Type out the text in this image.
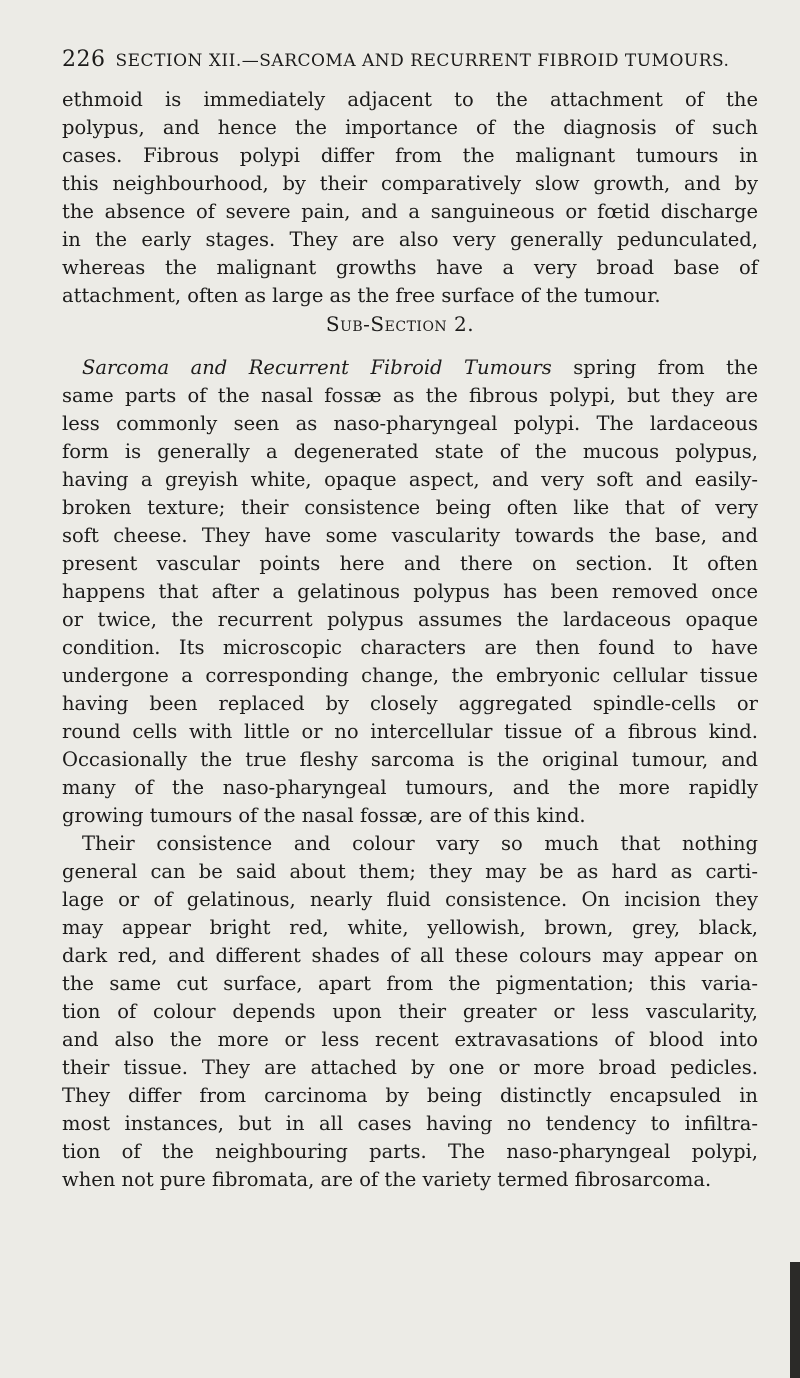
226 SECTION XII.—SARCOMA AND RECURRENT FIBROID TUMOURS.
ethmoid is immediately adjacent to the attachment of the
polypus, and hence the importance of the diagnosis of such
cases. Fibrous polypi differ from the malignant tumours in
this neighbourhood, by their comparatively slow growth, and by
the absence of severe pain, and a sanguineous or fœtid discharge
in the early stages. They are also very generally pedunculated,
whereas the malignant growths have a very broad base of
attachment, often as large as the free surface of the tumour.
Sub-Section 2.
Sarcoma and Recurrent Fibroid Tumours spring from the
same parts of the nasal fossæ as the fibrous polypi, but they are
less commonly seen as naso-pharyngeal polypi. The lardaceous
form is generally a degenerated state of the mucous polypus,
having a greyish white, opaque aspect, and very soft and easily-
broken texture; their consistence being often like that of very
soft cheese. They have some vascularity towards the base, and
present vascular points here and there on section. It often
happens that after a gelatinous polypus has been removed once
or twice, the recurrent polypus assumes the lardaceous opaque
condition. Its microscopic characters are then found to have
undergone a corresponding change, the embryonic cellular tissue
having been replaced by closely aggregated spindle-cells or
round cells with little or no intercellular tissue of a fibrous kind.
Occasionally the true fleshy sarcoma is the original tumour, and
many of the naso-pharyngeal tumours, and the more rapidly
growing tumours of the nasal fossæ, are of this kind.
Their consistence and colour vary so much that nothing
general can be said about them; they may be as hard as carti-
lage or of gelatinous, nearly fluid consistence. On incision they
may appear bright red, white, yellowish, brown, grey, black,
dark red, and different shades of all these colours may appear on
the same cut surface, apart from the pigmentation; this varia-
tion of colour depends upon their greater or less vascularity,
and also the more or less recent extravasations of blood into
their tissue. They are attached by one or more broad pedicles.
They differ from carcinoma by being distinctly encapsuled in
most instances, but in all cases having no tendency to infiltra-
tion of the neighbouring parts. The naso-pharyngeal polypi,
when not pure fibromata, are of the variety termed fibrosarcoma.
